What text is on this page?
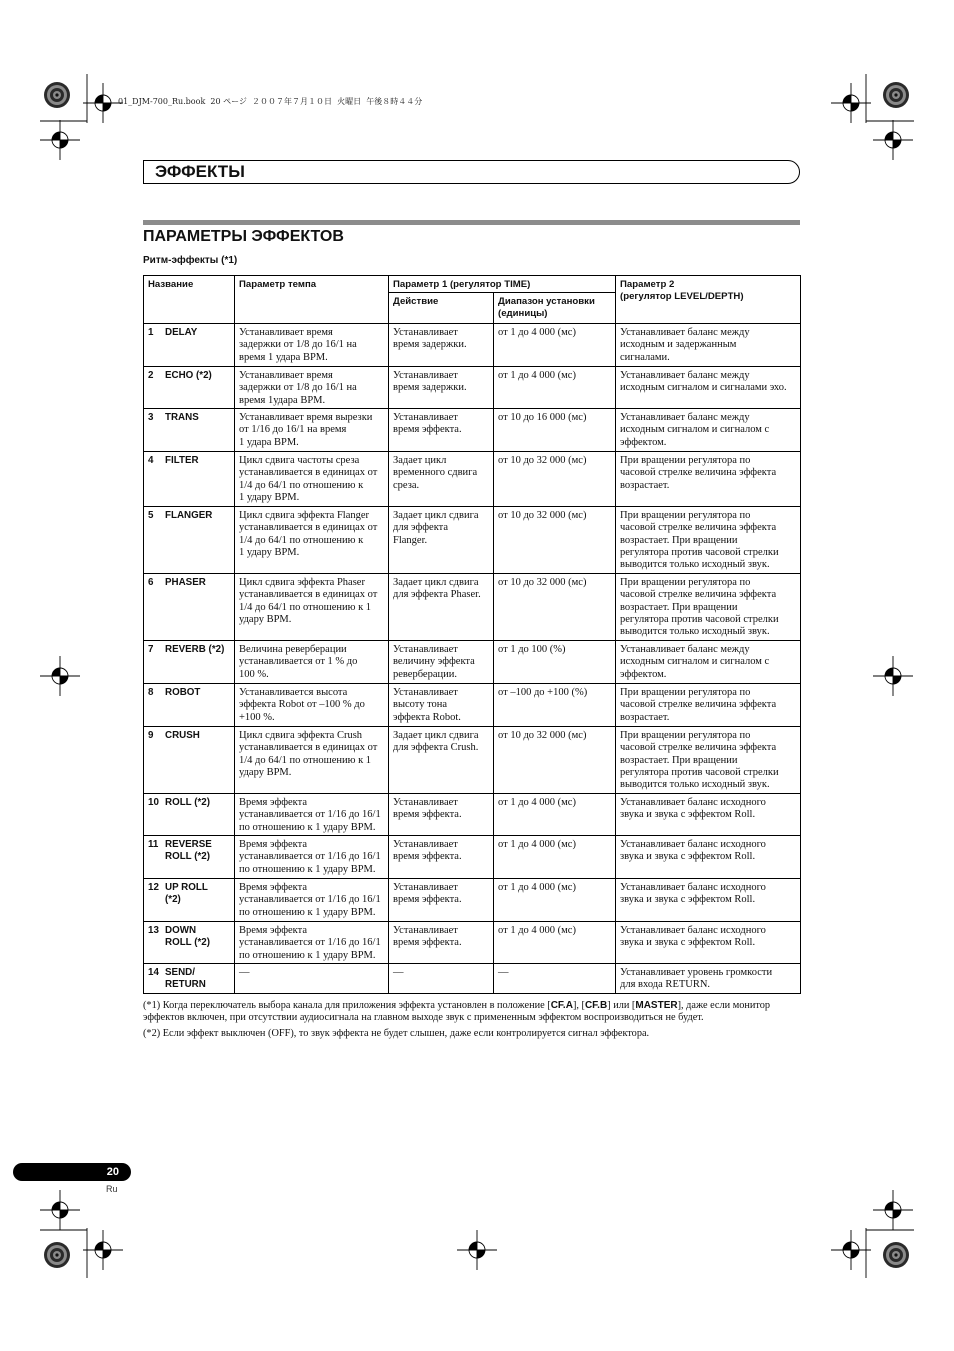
01_DJM-700_Ru.book  20 ページ  ２００７年７月１０日  火曜日  午後８時４４分
ЭФФЕКТЫ
ПАРАМЕТРЫ ЭФФЕКТОВ
Ритм-эффекты (*1)
Название	Параметр темпа	Параметр 1 (регулятор TIME)		Параметр 2
(регулятор LEVEL/DEPTH)
		Действие	Диапазон установки (единицы)	

1 DELAY	Устанавливает время
задержки от 1/8 до 16/1 на
время 1 удара BPM.	Устанавливает
время задержки.	от 1 до 4 000 (мс)	Устанавливает баланс между
исходным и задержанным
сигналами.

2 ECHO (*2)	Устанавливает время
задержки от 1/8 до 16/1 на
время 1удара BPM.	Устанавливает
время задержки.	от 1 до 4 000 (мс)	Устанавливает баланс между
исходным сигналом и сигналами эхо.

3 TRANS	Устанавливает время вырезки
от 1/16 до 16/1 на время
1 удара BPM.	Устанавливает
время эффекта.	от 10 до 16 000 (мс)	Устанавливает баланс между
исходным сигналом и сигналом с
эффектом.

4 FILTER	Цикл сдвига частоты среза
устанавливается в единицах от
1/4 до 64/1 по отношению к
1 удару BPM.	Задает цикл
временного сдвига
среза.	от 10 до 32 000 (мс)	При вращении регулятора по
часовой стрелке величина эффекта
возрастает.

5 FLANGER	Цикл сдвига эффекта Flanger
устанавливается в единицах от
1/4 до 64/1 по отношению к
1 удару BPM.	Задает цикл сдвига
для эффекта
Flanger.	от 10 до 32 000 (мс)	При вращении регулятора по
часовой стрелке величина эффекта
возрастает. При вращении
регулятора против часовой стрелки
выводится только исходный звук.

6 PHASER	Цикл сдвига эффекта Phaser
устанавливается в единицах от
1/4 до 64/1 по отношению к 1
удару BPM.	Задает цикл сдвига
для эффекта Phaser.	от 10 до 32 000 (мс)	При вращении регулятора по
часовой стрелке величина эффекта
возрастает. При вращении
регулятора против часовой стрелки
выводится только исходный звук.

7 REVERB (*2)	Величина реверберации
устанавливается от 1 % до
100 %.	Устанавливает
величину эффекта
реверберации.	от 1 до 100 (%)	Устанавливает баланс между
исходным сигналом и сигналом с
эффектом.

8 ROBOT	Устанавливается высота
эффекта Robot от –100 % до
+100 %.	Устанавливает
высоту тона
эффекта Robot.	от –100 до +100 (%)	При вращении регулятора по
часовой стрелке величина эффекта
возрастает.

9 CRUSH	Цикл сдвига эффекта Crush
устанавливается в единицах от
1/4 до 64/1 по отношению к 1
удару BPM.	Задает цикл сдвига
для эффекта Crush.	от 10 до 32 000 (мс)	При вращении регулятора по
часовой стрелке величина эффекта
возрастает. При вращении
регулятора против часовой стрелки
выводится только исходный звук.

10 ROLL (*2)	Время эффекта
устанавливается от 1/16 до 16/1
по отношению к 1 удару BPM.	Устанавливает
время эффекта.	от 1 до 4 000 (мс)	Устанавливает баланс исходного
звука и звука с эффектом Roll.

11 REVERSE
ROLL (*2)	Время эффекта
устанавливается от 1/16 до 16/1
по отношению к 1 удару BPM.	Устанавливает
время эффекта.	от 1 до 4 000 (мс)	Устанавливает баланс исходного
звука и звука с эффектом Roll.

12 UP ROLL
(*2)	Время эффекта
устанавливается от 1/16 до 16/1
по отношению к 1 удару BPM.	Устанавливает
время эффекта.	от 1 до 4 000 (мс)	Устанавливает баланс исходного
звука и звука с эффектом Roll.

13 DOWN
ROLL (*2)	Время эффекта
устанавливается от 1/16 до 16/1
по отношению к 1 удару BPM.	Устанавливает
время эффекта.	от 1 до 4 000 (мс)	Устанавливает баланс исходного
звука и звука с эффектом Roll.

14 SEND/
RETURN	—	—	—	Устанавливает уровень громкости
для входа RETURN.

(*1) Когда переключатель выбора канала для приложения эффекта установлен в положение [CF.A], [CF.B] или [MASTER], даже если монитор эффектов включен, при отсутствии аудиосигнала на главном выходе звук с примененным эффектом воспроизводиться не будет.

(*2) Если эффект выключен (OFF), то звук эффекта не будет слышен, даже если контролируется сигнал эффектора.

20
Ru
